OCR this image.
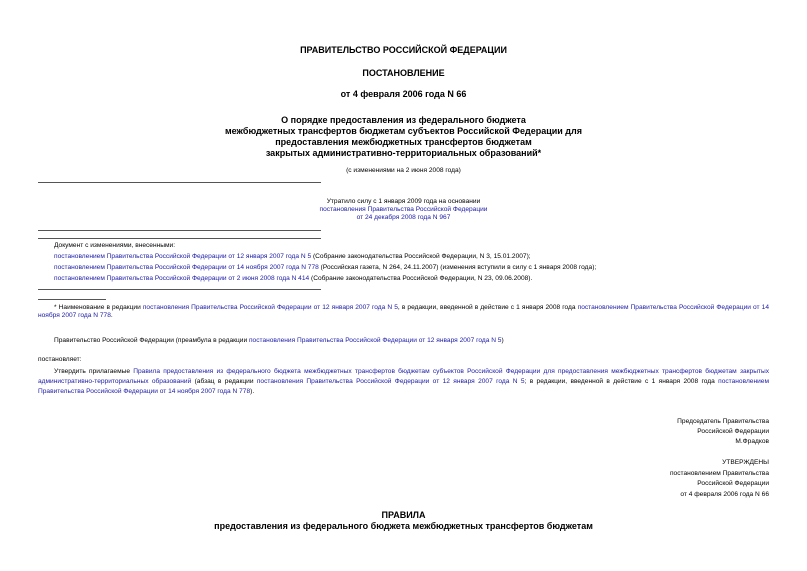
ПРАВИТЕЛЬСТВО РОССИЙСКОЙ ФЕДЕРАЦИИ
ПОСТАНОВЛЕНИЕ
от 4 февраля 2006 года N 66
О порядке предоставления из федерального бюджета
межбюджетных трансфертов бюджетам субъектов Российской Федерации для
предоставления межбюджетных трансфертов бюджетам
закрытых административно-территориальных образований*
(с изменениями на 2 июня 2008 года)
Утратило силу с 1 января 2009 года на основании
постановления Правительства Российской Федерации
от 24 декабря 2008 года N 967
Документ с изменениями, внесенными:
постановлением Правительства Российской Федерации от 12 января 2007 года N 5 (Собрание законодательства Российской Федерации, N 3, 15.01.2007);
постановлением Правительства Российской Федерации от 14 ноября 2007 года N 778 (Российская газета, N 264, 24.11.2007) (изменения вступили в силу с 1 января 2008 года);
постановлением Правительства Российской Федерации от 2 июня 2008 года N 414 (Собрание законодательства Российской Федерации, N 23, 09.06.2008).
* Наименование в редакции постановления Правительства Российской Федерации от 12 января 2007 года N 5, в редакции, введенной в действие с 1 января 2008 года постановлением Правительства Российской Федерации от 14 ноября 2007 года N 778.
Правительство Российской Федерации (преамбула в редакции постановления Правительства Российской Федерации от 12 января 2007 года N 5)
постановляет:
Утвердить прилагаемые Правила предоставления из федерального бюджета межбюджетных трансфертов бюджетам субъектов Российской Федерации для предоставления межбюджетных трансфертов бюджетам закрытых административно-территориальных образований (абзац в редакции постановления Правительства Российской Федерации от 12 января 2007 года N 5; в редакции, введенной в действие с 1 января 2008 года постановлением Правительства Российской Федерации от 14 ноября 2007 года N 778).
Председатель Правительства
Российской Федерации
М.Фрадков
УТВЕРЖДЕНЫ
постановлением Правительства
Российской Федерации
от 4 февраля 2006 года N 66
ПРАВИЛА
предоставления из федерального бюджета межбюджетных трансфертов бюджетам
